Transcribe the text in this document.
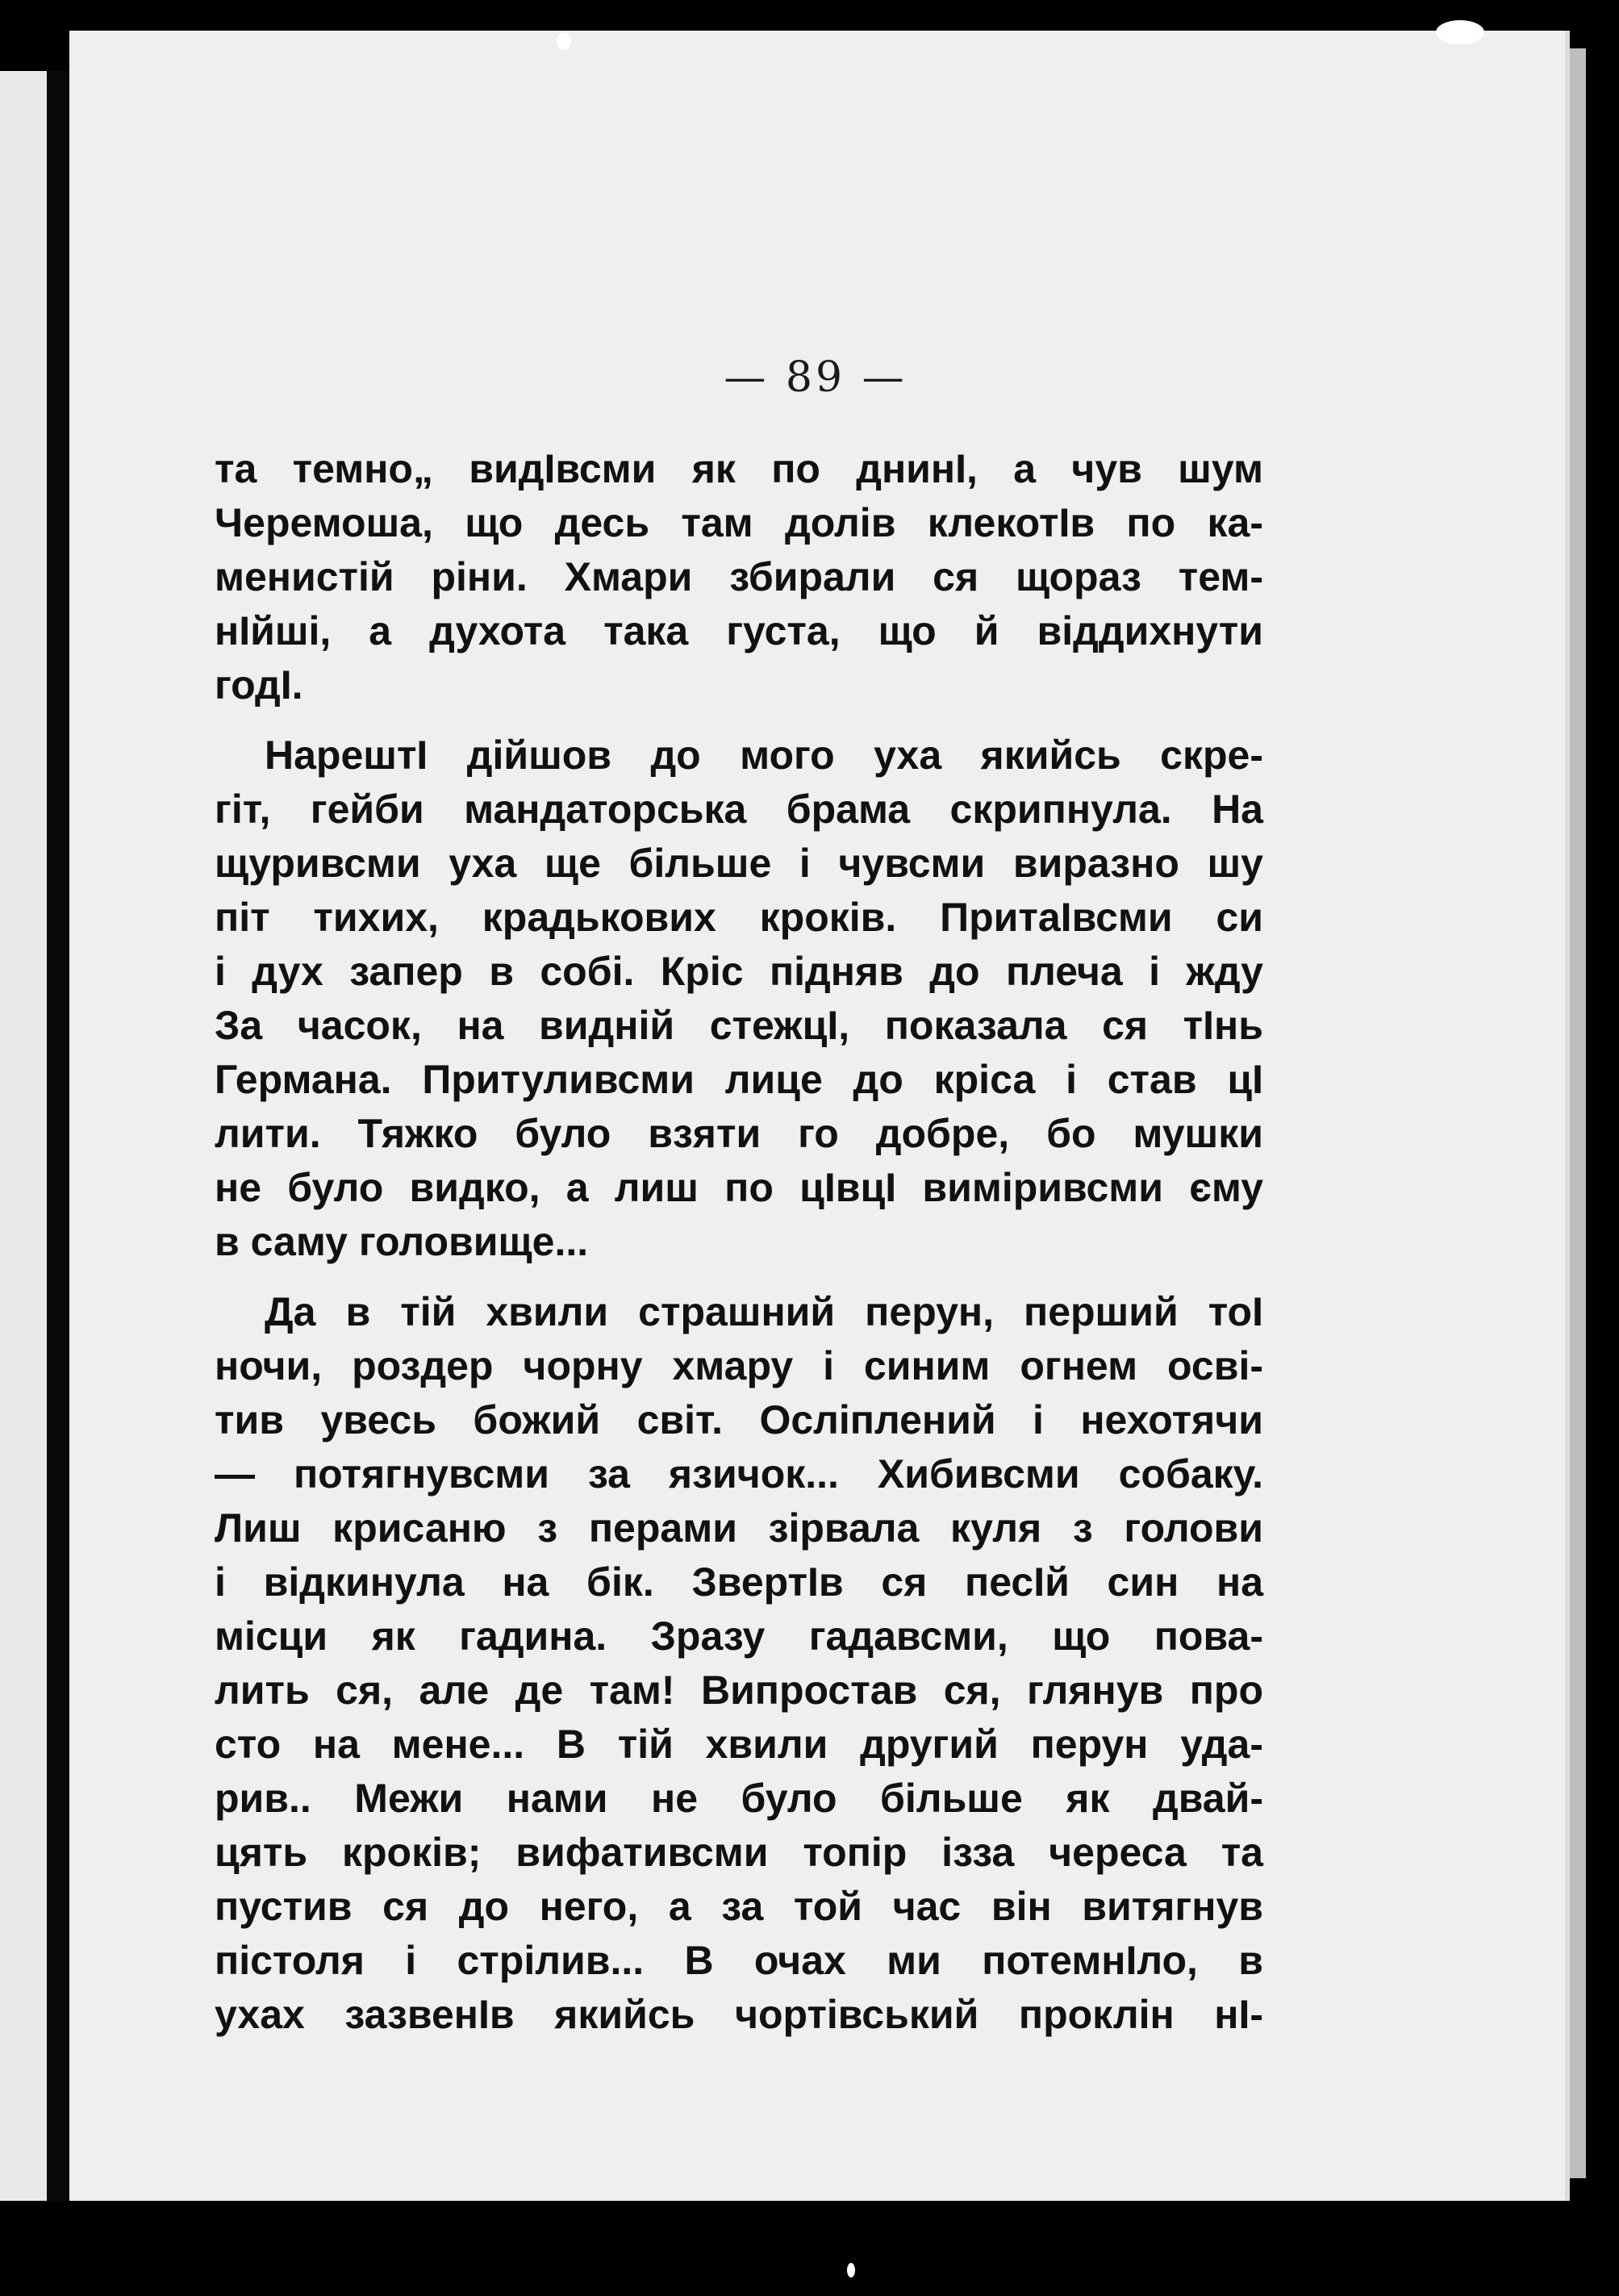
— 89 —
та темно„ видІвсми як по днинІ, а чув шум
Черемоша, що десь там долів клекотІв по ка-
менистій ріни. Хмари збирали ся щораз тем-
нІйші, а духота така густа, що й віддихнути
годІ.
НарештІ дійшов до мого уха якийсь скре-
гіт, гейби мандаторська брама скрипнула. На
щуривсми уха ще більше і чувсми виразно шу
піт тихих, крадькових кроків. ПритаІвсми си
і дух запер в собі. Кріс підняв до плеча і жду
За часок, на видній стежцІ, показала ся тІнь
Германа. Притуливсми лице до кріса і став цІ
лити. Тяжко було взяти го добре, бо мушки
не було видко, а лиш по цІвцІ виміривсми єму
в саму головище...
Да в тій хвили страшний перун, перший тоІ
ночи, роздер чорну хмару і синим огнем осві-
тив увесь божий світ. Осліплений і нехотячи
— потягнувсми за язичок... Хибивсми собаку.
Лиш крисаню з перами зірвала куля з голови
і відкинула на бік. ЗвертІв ся песІй син на
місци як гадина. Зразу гадавсми, що пова-
лить ся, але де там! Випростав ся, глянув про
сто на мене... В тій хвили другий перун уда-
рив.. Межи нами не було більше як двай-
цять кроків; вифативсми топір ізза череса та
пустив ся до него, а за той час він витягнув
пістоля і стрілив... В очах ми потемнІло, в
ухах зазвенІв якийсь чортівський проклін нІ-
